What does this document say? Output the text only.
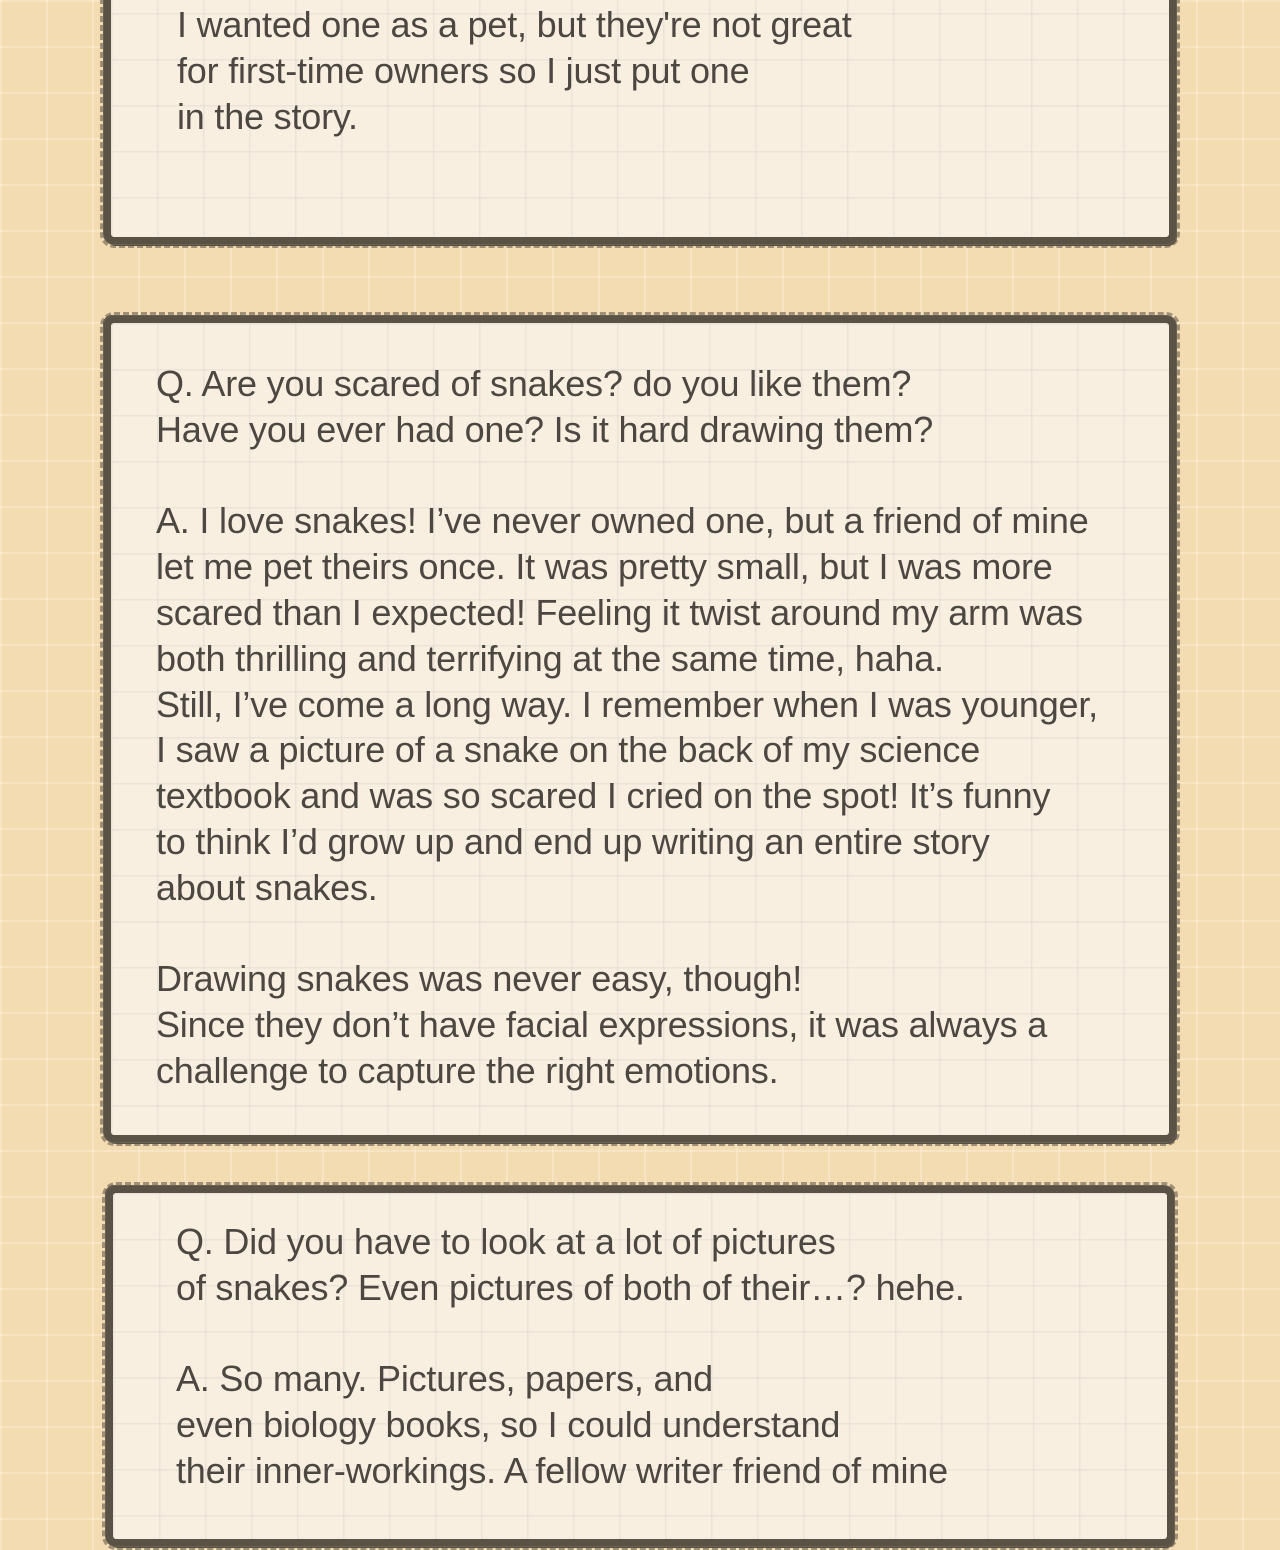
I wanted one as a pet, but they're not great
for first-time owners so I just put one
in the story.
Q. Are you scared of snakes? do you like them?
Have you ever had one? Is it hard drawing them?
A. I love snakes! I’ve never owned one, but a friend of mine
let me pet theirs once. It was pretty small, but I was more
scared than I expected! Feeling it twist around my arm was
both thrilling and terrifying at the same time, haha.
Still, I’ve come a long way. I remember when I was younger,
I saw a picture of a snake on the back of my science
textbook and was so scared I cried on the spot! It’s funny
to think I’d grow up and end up writing an entire story
about snakes.
Drawing snakes was never easy, though!
Since they don’t have facial expressions, it was always a
challenge to capture the right emotions.
Q. Did you have to look at a lot of pictures
of snakes? Even pictures of both of their…? hehe.
A. So many. Pictures, papers, and
even biology books, so I could understand
their inner-workings. A fellow writer friend of mine
